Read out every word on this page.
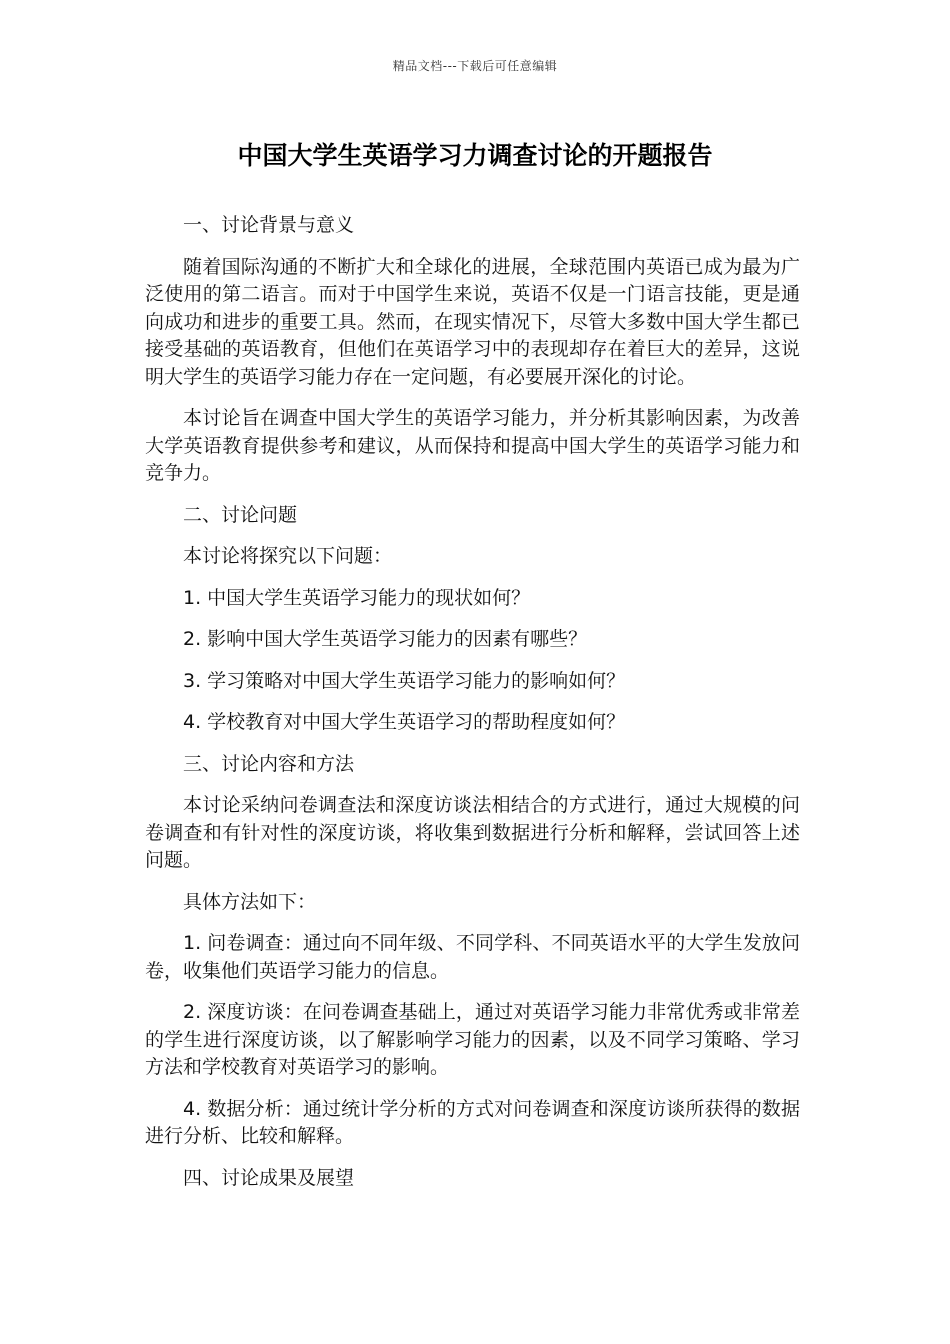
精品文档---下载后可任意编辑
中国大学生英语学习力调查讨论的开题报告

一、讨论背景与意义

随着国际沟通的不断扩大和全球化的进展，全球范围内英语已成为最为广泛使用的第二语言。而对于中国学生来说，英语不仅是一门语言技能，更是通向成功和进步的重要工具。然而，在现实情况下，尽管大多数中国大学生都已接受基础的英语教育，但他们在英语学习中的表现却存在着巨大的差异，这说明大学生的英语学习能力存在一定问题，有必要展开深化的讨论。

本讨论旨在调查中国大学生的英语学习能力，并分析其影响因素，为改善大学英语教育提供参考和建议，从而保持和提高中国大学生的英语学习能力和竞争力。

二、讨论问题

本讨论将探究以下问题：

1. 中国大学生英语学习能力的现状如何？

2. 影响中国大学生英语学习能力的因素有哪些？

3. 学习策略对中国大学生英语学习能力的影响如何？

4. 学校教育对中国大学生英语学习的帮助程度如何？

三、讨论内容和方法

本讨论采纳问卷调查法和深度访谈法相结合的方式进行，通过大规模的问卷调查和有针对性的深度访谈，将收集到数据进行分析和解释，尝试回答上述问题。

具体方法如下：

1. 问卷调查：通过向不同年级、不同学科、不同英语水平的大学生发放问卷，收集他们英语学习能力的信息。

2. 深度访谈：在问卷调查基础上，通过对英语学习能力非常优秀或非常差的学生进行深度访谈，以了解影响学习能力的因素，以及不同学习策略、学习方法和学校教育对英语学习的影响。

4. 数据分析：通过统计学分析的方式对问卷调查和深度访谈所获得的数据进行分析、比较和解释。

四、讨论成果及展望
